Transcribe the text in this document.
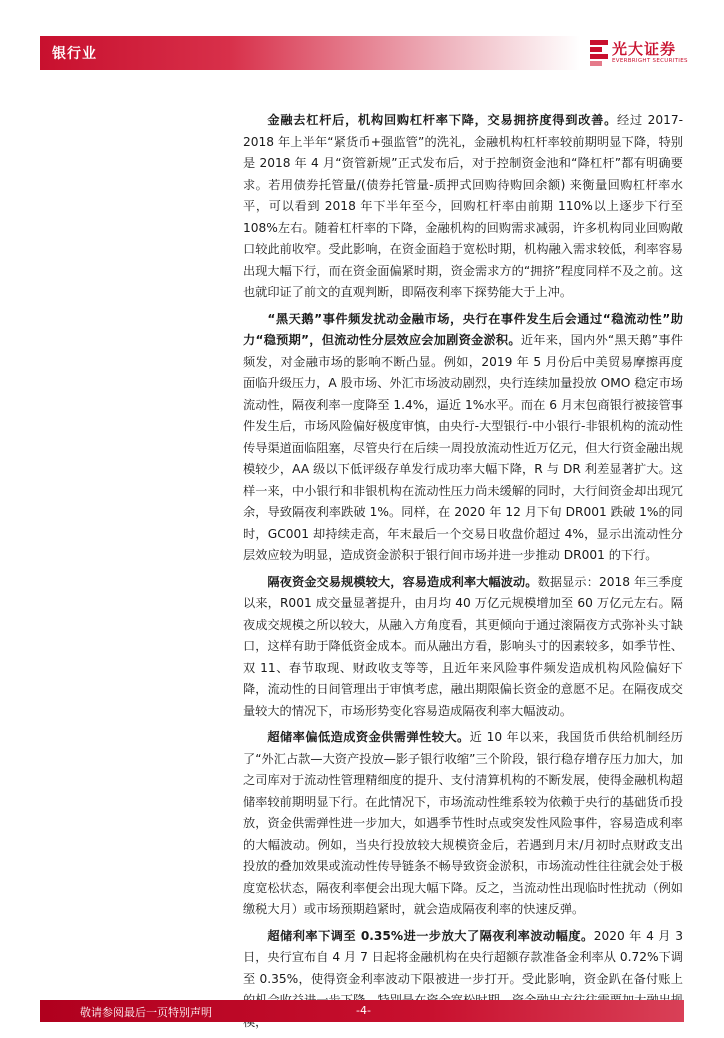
银行业	光大证券
EVERBRIGHT SECURITIES

金融去杠杆后，机构回购杠杆率下降，交易拥挤度得到改善。经过 2017-2018 年上半年“紧货币+强监管”的洗礼，金融机构杠杆率较前期明显下降，特别是 2018 年 4 月“资管新规”正式发布后，对于控制资金池和“降杠杆”都有明确要求。若用债券托管量/(债券托管量-质押式回购待购回余额) 来衡量回购杠杆率水平，可以看到 2018 年下半年至今，回购杠杆率由前期 110%以上逐步下行至 108%左右。随着杠杆率的下降，金融机构的回购需求减弱，许多机构同业回购敞口较此前收窄。受此影响，在资金面趋于宽松时期，机构融入需求较低，利率容易出现大幅下行，而在资金面偏紧时期，资金需求方的“拥挤”程度同样不及之前。这也就印证了前文的直观判断，即隔夜利率下探势能大于上冲。

“黑天鹅”事件频发扰动金融市场，央行在事件发生后会通过“稳流动性”助力“稳预期”，但流动性分层效应会加剧资金淤积。近年来，国内外“黑天鹅”事件频发，对金融市场的影响不断凸显。例如，2019 年 5 月份后中美贸易摩擦再度面临升级压力，A 股市场、外汇市场波动剧烈，央行连续加量投放 OMO 稳定市场流动性，隔夜利率一度降至 1.4%，逼近 1%水平。而在 6 月末包商银行被接管事件发生后，市场风险偏好极度审慎，由央行-大型银行-中小银行-非银机构的流动性传导渠道面临阻塞，尽管央行在后续一周投放流动性近万亿元，但大行资金融出规模较少，AA 级以下低评级存单发行成功率大幅下降，R 与 DR 利差显著扩大。这样一来，中小银行和非银机构在流动性压力尚未缓解的同时，大行间资金却出现冗余，导致隔夜利率跌破 1%。同样，在 2020 年 12 月下旬 DR001 跌破 1%的同时，GC001 却持续走高，年末最后一个交易日收盘价超过 4%，显示出流动性分层效应较为明显，造成资金淤积于银行间市场并进一步推动 DR001 的下行。

隔夜资金交易规模较大，容易造成利率大幅波动。数据显示：2018 年三季度以来，R001 成交量显著提升，由月均 40 万亿元规模增加至 60 万亿元左右。隔夜成交规模之所以较大，从融入方角度看，其更倾向于通过滚隔夜方式弥补头寸缺口，这样有助于降低资金成本。而从融出方看，影响头寸的因素较多，如季节性、双 11、春节取现、财政收支等等，且近年来风险事件频发造成机构风险偏好下降，流动性的日间管理出于审慎考虑，融出期限偏长资金的意愿不足。在隔夜成交量较大的情况下，市场形势变化容易造成隔夜利率大幅波动。

超储率偏低造成资金供需弹性较大。近 10 年以来，我国货币供给机制经历了“外汇占款—大资产投放—影子银行收缩”三个阶段，银行稳存增存压力加大，加之司库对于流动性管理精细度的提升、支付清算机构的不断发展，使得金融机构超储率较前期明显下行。在此情况下，市场流动性维系较为依赖于央行的基础货币投放，资金供需弹性进一步加大，如遇季节性时点或突发性风险事件，容易造成利率的大幅波动。例如，当央行投放较大规模资金后，若遇到月末/月初时点财政支出投放的叠加效果或流动性传导链条不畅导致资金淤积，市场流动性往往就会处于极度宽松状态，隔夜利率便会出现大幅下降。反之，当流动性出现临时性扰动（例如缴税大月）或市场预期趋紧时，就会造成隔夜利率的快速反弹。

超储利率下调至 0.35%进一步放大了隔夜利率波动幅度。2020 年 4 月 3 日，央行宣布自 4 月 7 日起将金融机构在央行超额存款准备金利率从 0.72%下调至 0.35%，使得资金利率波动下限被进一步打开。受此影响，资金趴在备付账上

敬请参阅最后一页特别声明	-4-
